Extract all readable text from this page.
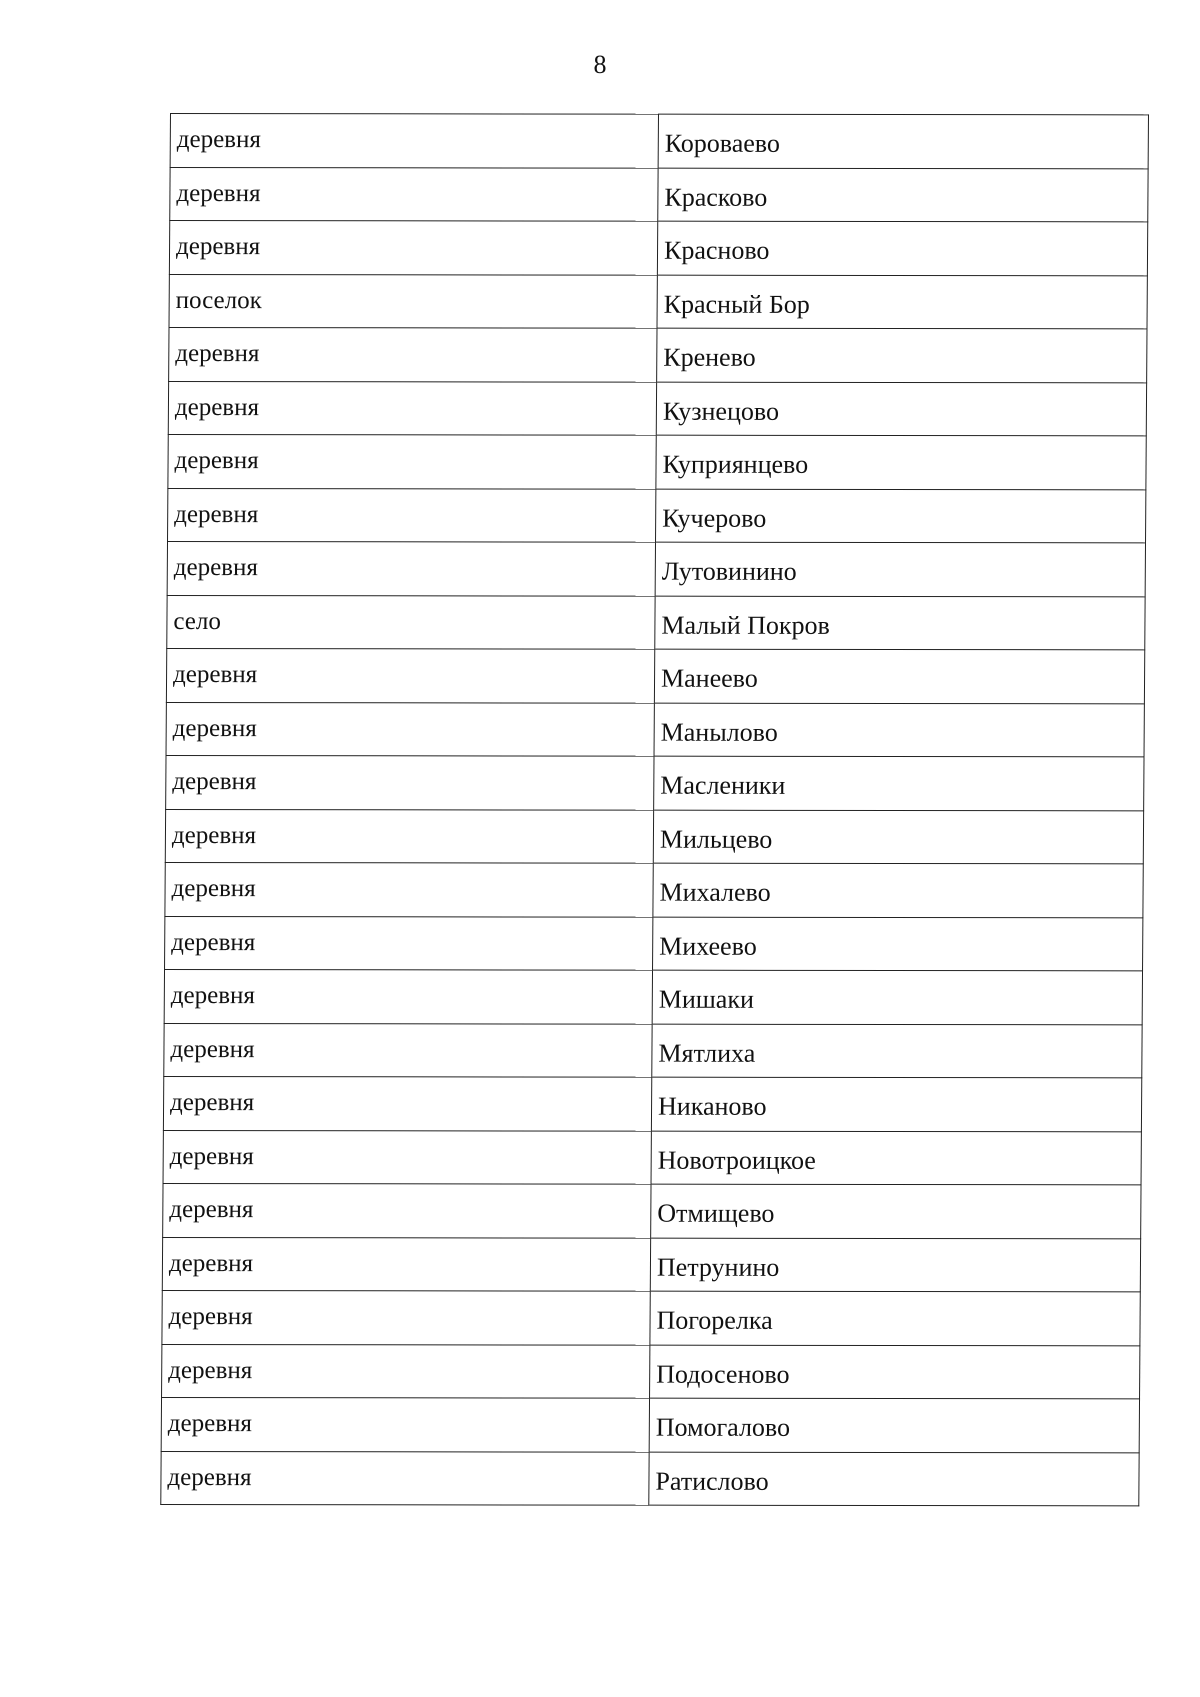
8
деревня	Короваево
деревня	Красково
деревня	Красново
поселок	Красный Бор
деревня	Кренево
деревня	Кузнецово
деревня	Куприянцево
деревня	Кучерово
деревня	Лутовинино
село	Малый Покров
деревня	Манеево
деревня	Манылово
деревня	Масленики
деревня	Мильцево
деревня	Михалево
деревня	Михеево
деревня	Мишаки
деревня	Мятлиха
деревня	Никаново
деревня	Новотроицкое
деревня	Отмищево
деревня	Петрунино
деревня	Погорелка
деревня	Подосеново
деревня	Помогалово
деревня	Ратислово
